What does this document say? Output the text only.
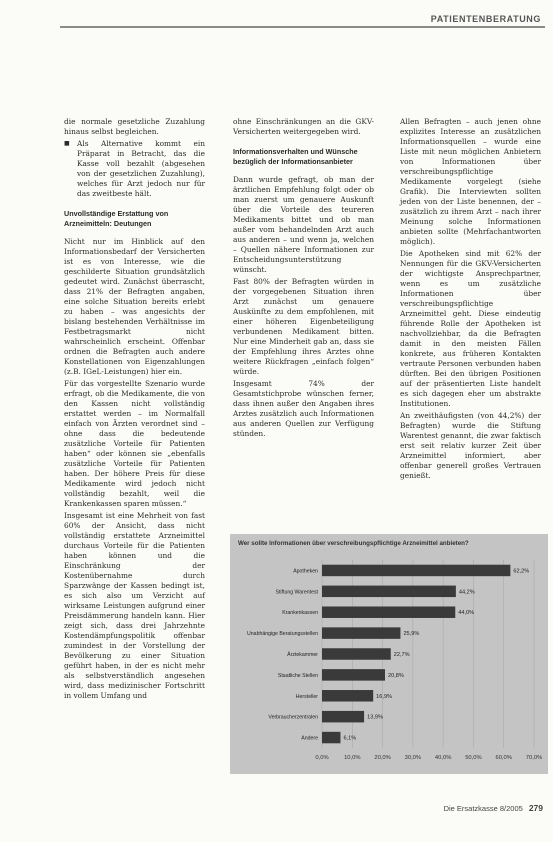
PATIENTENBERATUNG

die normale gesetzliche Zuzahlung hinaus selbst begleichen.

■ Als Alternative kommt ein Präparat in Betracht, das die Kasse voll bezahlt (abgesehen von der gesetzlichen Zuzahlung), welches für Arzt jedoch nur für das zweitbeste hält.

Unvollständige Erstattung von Arzneimitteln: Deutungen

Nicht nur im Hinblick auf den Informationsbedarf der Versicherten ist es von Interesse, wie die geschilderte Situation grundsätzlich gedeutet wird. Zunächst überrascht, dass 21% der Befragten angaben, eine solche Situation bereits erlebt zu haben – was angesichts der bislang bestehenden Verhältnisse im Festbetragsmarkt nicht wahrscheinlich erscheint. Offenbar ordnen die Befragten auch andere Konstellationen von Eigenzahlungen (z.B. IGeL-Leistungen) hier ein.

Für das vorgestellte Szenario wurde erfragt, ob die Medikamente, die von den Kassen nicht vollständig erstattet werden – im Normalfall einfach von Ärzten verordnet sind – ohne dass die bedeutende zusätzliche Vorteile für Patienten haben“ oder können sie „ebenfalls zusätzliche Vorteile für Patienten haben. Der höhere Preis für diese Medikamente wird jedoch nicht vollständig bezahlt, weil die Krankenkassen sparen müssen.“

Insgesamt ist eine Mehrheit von fast 60% der Ansicht, dass nicht vollständig erstattete Arzneimittel durchaus Vorteile für die Patienten haben können und die Einschränkung der Kostenübernahme durch Sparzwänge der Kassen bedingt ist, es sich also um Verzicht auf wirksame Leistungen aufgrund einer Preisdämmerung handeln kann. Hier zeigt sich, dass drei Jahrzehnte Kostendämpfungspolitik offenbar zumindest in der Vorstellung der Bevölkerung zu einer Situation geführt haben, in der es nicht mehr als selbstverständlich angesehen wird, dass medizinischer Fortschritt in vollem Umfang und

ohne Einschränkungen an die GKV-Versicherten weitergegeben wird.

Informationsverhalten und Wünsche bezüglich der Informationsanbieter

Dann wurde gefragt, ob man der ärztlichen Empfehlung folgt oder ob man zuerst um genauere Auskunft über die Vorteile des teureren Medikaments bittet und ob man außer vom behandelnden Arzt auch aus anderen – und wenn ja, welchen – Quellen nähere Informationen zur Entscheidungsunterstützung wünscht.

Fast 80% der Befragten würden in der vorgegebenen Situation ihren Arzt zunächst um genauere Auskünfte zu dem empfohlenen, mit einer höheren Eigenbeteiligung verbundenen Medikament bitten. Nur eine Minderheit gab an, dass sie der Empfehlung ihres Arztes ohne weitere Rückfragen „einfach folgen“ würde.

Insgesamt 74% der Gesamtstichprobe wünschen ferner, dass ihnen außer den Angaben ihres Arztes zusätzlich auch Informationen aus anderen Quellen zur Verfügung stünden.

Allen Befragten – auch jenen ohne explizites Interesse an zusätzlichen Informationsquellen – wurde eine Liste mit neun möglichen Anbietern von Informationen über verschreibungspflichtige Medikamente vorgelegt (siehe Grafik). Die Interviewten sollten jeden von der Liste benennen, der – zusätzlich zu ihrem Arzt – nach ihrer Meinung solche Informationen anbieten sollte (Mehrfachantworten möglich).

Die Apotheken sind mit 62% der Nennungen für die GKV-Versicherten der wichtigste Ansprechpartner, wenn es um zusätzliche Informationen über verschreibungspflichtige Arzneimittel geht. Diese eindeutig führende Rolle der Apotheken ist nachvollziehbar, da die Befragten damit in den meisten Fällen konkrete, aus früheren Kontakten vertraute Personen verbunden haben dürften. Bei den übrigen Positionen auf der präsentierten Liste handelt es sich dagegen eher um abstrakte Institutionen.

An zweithäufigsten (von 44,2%) der Befragten) wurde die Stiftung Warentest genannt, die zwar faktisch erst seit relativ kurzer Zeit über Arzneimittel informiert, aber offenbar generell großes Vertrauen genießt.

Wer sollte Informationen über verschreibungspflichtige Arzneimittel anbieten?
0,0%	10,0% 20,0% 30,0% 40,0% 50,0% 60,0% 70,0%
Apotheken	62,2%
Stiftung Warentest	44,2%
Krankenkassen	44,0%
Unabhängige Beratungsstellen	25,9%
Ärztekammer	22,7%
Staatliche Stellen	20,8%
Hersteller	16,9%
Verbraucherzentralen	13,9%
Andere	6,1%
Die Ersatzkasse 8/2005 279
